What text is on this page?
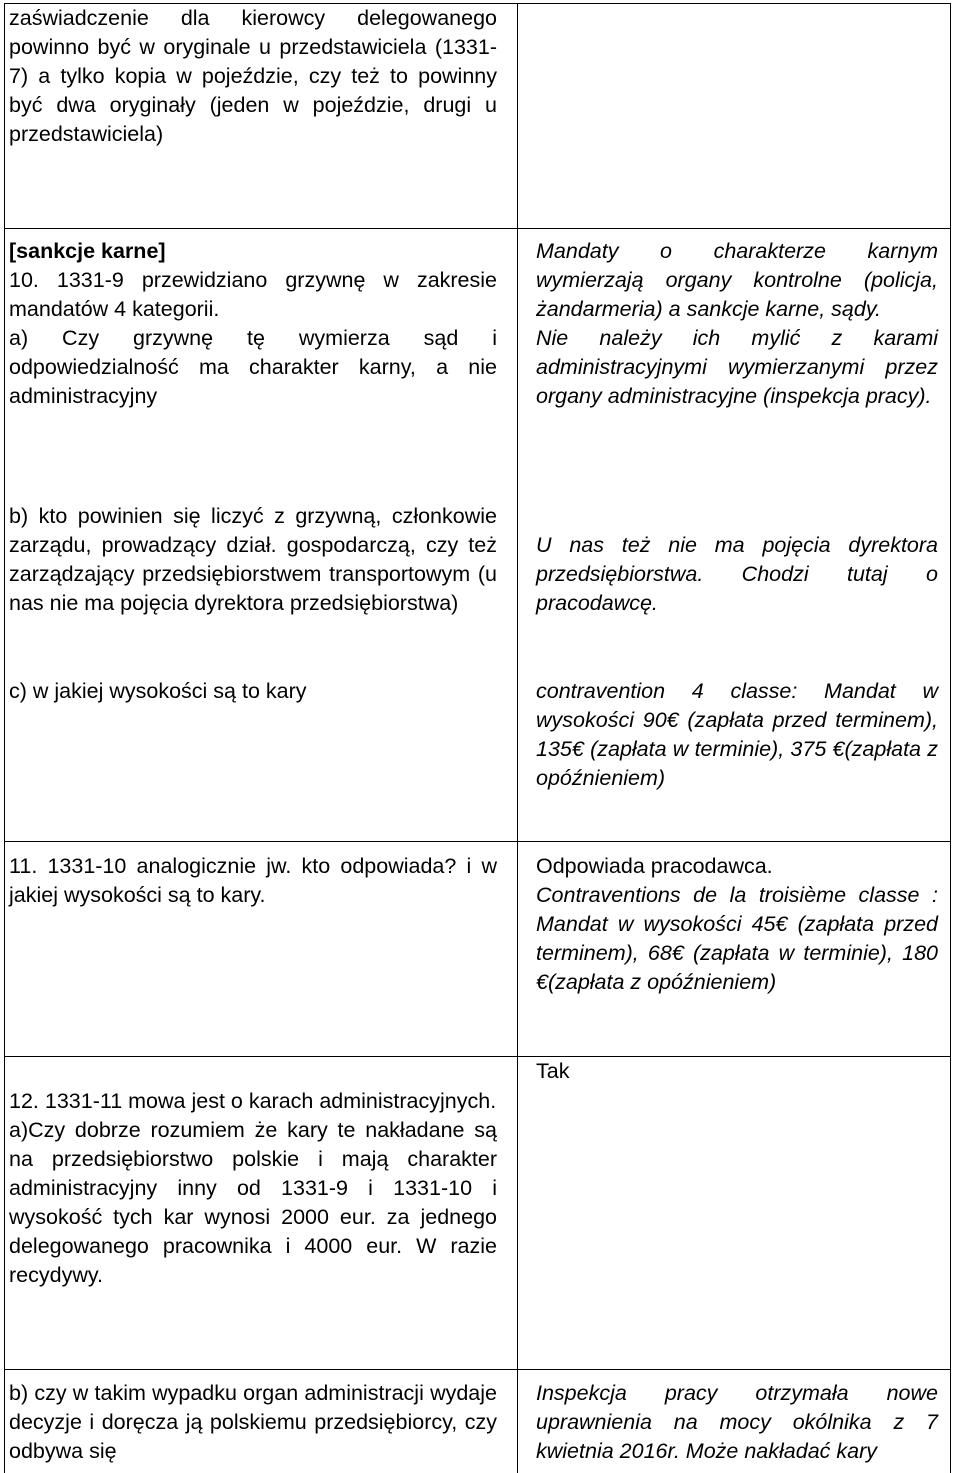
zaświadczenie dla kierowcy delegowanego powinno być w oryginale u przedstawiciela (1331-7) a tylko kopia w pojeździe, czy też to powinny być dwa oryginały (jeden w pojeździe, drugi u przedstawiciela)

[sankcje karne]

10. 1331-9 przewidziano grzywnę w zakresie mandatów 4 kategorii.

a) Czy grzywnę tę wymierza sąd i odpowiedzialność ma charakter karny, a nie administracyjny

b) kto powinien się liczyć z grzywną, członkowie zarządu, prowadzący dział. gospodarczą, czy też zarządzający przedsiębiorstwem transportowym (u nas nie ma pojęcia dyrektora przedsiębiorstwa)

c) w jakiej wysokości są to kary

Mandaty o charakterze karnym wymierzają organy kontrolne (policja, żandarmeria) a sankcje karne, sądy.

Nie należy ich mylić z karami administracyjnymi wymierzanymi przez organy administracyjne (inspekcja pracy).

U nas też nie ma pojęcia dyrektora przedsiębiorstwa. Chodzi tutaj o pracodawcę.

contravention 4 classe: Mandat w wysokości 90€ (zapłata przed terminem), 135€ (zapłata w terminie), 375 €(zapłata z opóźnieniem)

11. 1331-10 analogicznie jw. kto odpowiada? i w jakiej wysokości są to kary.

Odpowiada pracodawca.

Contraventions de la troisième classe : Mandat w wysokości 45€ (zapłata przed terminem), 68€ (zapłata w terminie), 180 €(zapłata z opóźnieniem)

12. 1331-11 mowa jest o karach administracyjnych.

a)Czy dobrze rozumiem że kary te nakładane są na przedsiębiorstwo polskie i mają charakter administracyjny inny od 1331-9 i 1331-10 i wysokość tych kar wynosi 2000 eur. za jednego delegowanego pracownika i 4000 eur. W razie recydywy.

Tak

b) czy w takim wypadku organ administracji wydaje decyzje i doręcza ją polskiemu przedsiębiorcy, czy odbywa się

Inspekcja pracy otrzymała nowe uprawnienia na mocy okólnika z 7 kwietnia 2016r. Może nakładać kary
